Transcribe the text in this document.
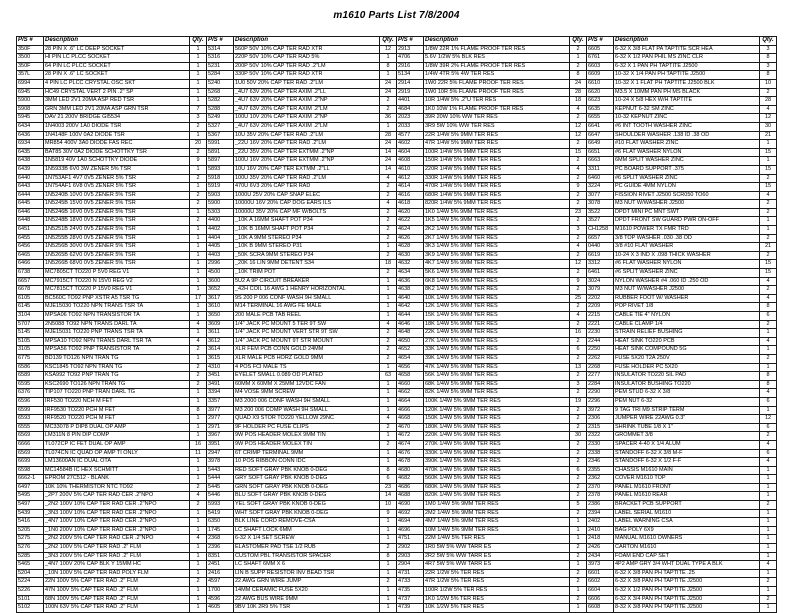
m1610 Parts List 7/8/2004
P/S #	Description	Qty.	P/S #	Description	Qty.	P/S #	Description	Qty.	P/S #	Description	Qty.
350F	28 PIN X .6" LC DEEP SOCKET	1	5314	560P 50V 10% CAP TER RAD XTR	12	2913	1/8W 22R 1% FLAME PROOF TER RES	2	6605	6-32 X 3/8 FLAT PA TAPTITE SCR HEA	3
3500	HI PIN LC PLCC SOCKET	1	5316	220P 50V 10% CAP TER RAD 5%	1	4706	5.6V 1/2W 5% BLK RES	1	6761	6-32 X 1/2 PAN PHIL MS ZINC CLR	8
350F	64 PIN LC PLCC SOCKET	1	5231	200P 50V 10% CAP TER RAD .2"LM	8	2916	1/8W 39R 2% FLAME PROOF TER RES	2	6603	6-32 X 1 PAN PH TAPTITE J2500	3
357L	28 PIN X .6" LC SOCKET	1	5284	330P 50V 10% CAP TER RAD XTR	1	5134	1/4W 4TR 5% 4W TER RES	8	6609	10-32 X 1/4 PAN PH TAPTITE J2500	8
6994	4 PIN LC PLCC CRYSTAL OSC SKT	1	5240	1U0 50V 20% CAP TER RAD .2"LM	24	2914	1W0 22R 5% FLAME PROOF TER RES	24	6610	10-32 X 1 FLAT PH TAPTITE J2500 BLK	10
6945	HC49 CRYSTAL VERT 2 PIN .2" SP	1	5268	_4U7 63V 20% CAP TER AXIM .2"LL	24	2919	1W0 10R 5% FLAME PROOF TER RES	28	6620	M3.5 X 10MM PAN PH MS BLACK	2
5900	3MM LED 2V1 20MA ASP RED TSR	1	5282	_4U7 63V 20% CAP TER AXIM .2"NP	2	4401	10R 1/4W 5% .2"U TER RES	18	6623	10-24 X 5/8 HEX W/H TAPTITE	28
5908	GRN 3MM LED 2V1 20MA ASP GRN TSR	7	5288	_4U7 63V 20% CAP TER AXIM .2"LM	2	4684	1K0 10W 1% FLAME PROOF TER RES	4	6635	KEPNUT 6-32 SM ZINC	4
5945	DAV 21 200V BRIDGE GI5534	3	5249	100U 10V 20% CAP TER AXIM .2"NP	36	2023	39R 20W 10% WW TER RES	2	6655	10-32 KEPNUT ZINC	12
6434	1N4003 200V 1A0 DIODE TSR	2	5327	_4U7 63V 20% CAP TER AXIM .2"LM	1	2033	3R9 5W 10% WW TER RES	12	6641	#6 INT TOOTH WASHER ZINC	30
6436	1N4148F 100V 0A2 DIODE TSR	1	5367	10U 35V 20% CAP TER RAD .2"LM	28	4577	22R 1/4W 5% 9MM TER RES	12	6647	SHOULDER WASHER .138 ID .38 OD	21
6934	MR854 400V 3A0 DIODE FAS REC	20	5991	_22U 16V 20% CAP TER RAD .2"LM	24	4602	47R 1/4W 5% 9MM TER RES	2	6649	#10 FLAT WASHER ZINC	1
6435	BAT85 30V 0A2 DIODE SCHOTTKY TSR	2	5891	_22U 35V 20% CAP TER EXTMM .2"NP	14	4604	100R 1/4W 5% 9MM TER RES	15	6651	#6 FLAT WASHER NYLON	15
6438	1N5819 40V 1A0 SCHOTTKY DIODE	9	5897	100U 16V 20% CAP TER EXTMM .2"NP	24	4608	150R 1/4W 5% 9MM TER RES	2	6663	6MM SPLIT WASHER ZINC	1
6439	1N5933B 6V0 3W ZENER 5% TSR	1	5893	10U 16V 20% CAP TER EXTMM .2"LL	14	4610	220R 1/4W 5% 9MM TER RES	4	3311	PC BOARD SUPPORT .375	15
6440	1N753AF1 4V7 0V5 ZENER 5% TSR	2	5918	100U 35V 20% CAP TER RAD .2"LM	4	4612	330R 1/4W 5% 9MM TER RES	2	6460	#6 SPLIT WASHER ZINC	2
6443	1N754AF1 6V8 0V5 ZENER 5% TSR	1	5919	470U 6V3 20% CAP TER RAD	2	4614	470R 1/4W 5% 9MM TER RES	9	3224	PC GUIDE 4MM NYLON	15
6444	1N5240B 10V0 0V5 ZENER 5% TSR	2	5903	1000U 25V 20% CAP SNAP ELEC	2	4616	680R 1/4W 5% 9MM TER RES	2	3077	FISSION RIVET J2500 SCR050 TO60	4
6445	1N5245B 15V0 0V5 ZENER 5% TSR	2	5900	10000U 16V 20% CAP DOG EARS ILS	4	4618	820R 1/4W 5% 9MM TER RES	2	3078	M3 NUT W/WASHER J2500	2
6446	1N5246B 16V0 0V5 ZENER 5% TSR	1	5303	10000U 35V 20% CAP MF W/BOLTS	2	4620	1K0 1/4W 5% 9MM TER RES	23	3522	DPDT MINI PC MNT SWT	2
6448	1N5248B 18V0 0V5 ZENER 5% TSR	2	4400	_10K A 16MM SHAFT POT P34	2	4622	1K5 1/4W 5% 9MM TER RES	2	3527	DPDT FRONT SW GUARD PWR ON-OFF	1
6451	1N5251B 24V0 0V5 ZENER 5% TSR	1	4402	_10K B 16MM SHAFT POT P34	2	4624	2K2 1/4W 5% 9MM TER RES	3	CH1258	M1610 POWER TX FMR TRD	1
6455	1N5255B 28V0 0V5 ZENER 5% TSR	1	4404	_10K A 9MM STEREO P34	2	4626	2K7 1/4W 5% 9MM TER RES	2	6657	3/8 TOP WASHER .030 .38 OD	2
6456	1N5256B 30V0 0V5 ZENER 5% TSR	1	4405	_10K B 9MM STEREO P31	1	4628	3K3 1/4W 5% 9MM TER RES	4	0440	3/8 #10 FLAT WASHER	21
6465	1N5265B 62V0 0V5 ZENER 5% TSR	1	4403	_50K SCRA 9MM STEREO P34	2	4630	3K9 1/4W 5% 9MM TER RES	2	6619	10-24 X 3 IND X .098 THICK WASHER	2
6466	1N5266B 68V0 0V5 ZENER 5% TSR	1	2996	_20K 16 LIN 9MM DETENT S34	18	4632	4K7 1/4W 5% 9MM TER RES	12	3312	#6 FLAT WASHER NYLON	15
6738	MC7805CT TO220 P 5V0 REG V1	1	4500	_10K TRIM POT	2	4634	5K6 1/4W 5% 9MM TER RES	2	6461	#6 SPLIT WASHER ZINC	15
6657	MC7915CT TO220 N 15V0 REG V2	1	3600	5U2 A 9P CIRCUIT BREAKER	1	4636	6K8 1/4W 5% 9MM TER RES	9	3024	NYLON WASHER #4 .060 ID .250 OD	4
6678	MC7815CT TO220 P 15V0 REG V1	1	3652	_42H COIL 16 AWG 1 HENRY HORIZONTAL	1	4638	8K2 1/4W 5% 9MM TER RES	2	3079	M3 NUT W/WASHER J2500	2
6105	BC560C TO92 PNP XSTR A5 TSR TG	17	3617	9S 200 P 006 CONF WASH 9H SMALL	1	4640	10K 1/4W 5% 9MM TER RES	25	2202	RUBBER FOOT W/ WASHER	4
6145	MJE15030 TO220 NPN TRANS TSR TA	1	3610	M14 TERMINAL 16 AWG FE MALE	1	4642	12K 1/4W 5% 9MM TER RES	2	2209	POP RIVET 1/8	8
3104	MPSA06 TO92 NPN TRANSISTOR TA	1	3650	200 MALE PCB TAB REEL	1	4644	15K 1/4W 5% 9MM TER RES	4	2215	CABLE TIE 4" NYLON	6
5707	2N5088 TO92 NPN TRANS DARL TA	4	3609	1/4" JACK PC MOUNT 5 TER 9T SW	4	4646	18K 1/4W 5% 9MM TER RES	2	2221	CABLE CLAMP 1/4	2
5145	MJE15031 TO220 PNP TRANS TSR TA	1	3611	1/4" JACK PC MOUNT VERT STR 9T SW	2	4648	22K 1/4W 5% 9MM TER RES	16	2230	STRAIN RELIEF BUSHING	1
5105	MPSA10 TO92 NPN TRANS DARL TSR TA	4	3612	1/4" JACK PC MOUNT 9T STR MOUNT	2	4650	27K 1/4W 5% 9MM TER RES	2	2244	HEAT SINK TO220 PCB	4
3105	MPSA56 TO92 PNP TRANSISTOR TA	2	3614	XLR FEM PCB CONN GOLD 24MM	2	4652	33K 1/4W 5% 9MM TER RES	6	2250	HEAT SINK COMPOUND 5G	1
6775	BD139 TO126 NPN TRAN TG	1	3615	XLR MALE PCB HORZ GOLD 9MM	2	4654	39K 1/4W 5% 9MM TER RES	2	2262	FUSE 5X20 T2A 250V	2
6586	KSC1845 TO92 NPN TRAN TG	2	4310	4 POS FCI MALE TS	1	4656	47K 1/4W 5% 9MM TER RES	13	2268	FUSE HOLDER PC 5X20	1
6589	KSA992 TO92 PNP TRAN TG	2	3451	EYELET SMALL 0.089 OD PLATED	63	4658	56K 1/4W 5% 9MM TER RES	2	2277	INSULATOR TO220 SIL PAD	8
6595	KSC2690 TO126 NPN TRAN TG	2	3491	60MM X 60MM X 25MM 12VDC FAN	1	4660	68K 1/4W 5% 9MM TER RES	3	2284	INSULATOR BUSHING TO220	8
6376	TIP107 TO220 PNP TRAN DARL TG	1	3394	M4 VOSE 9MM SCREW	1	4662	82K 1/4W 5% 9MM TER RES	2	2290	PEM STUD 6-32 X 3/8	4
6596	IRF530 TO220 NCH M FET	1	3357	M3 2000 006 CONF WASH 9H SMALL	1	4664	100K 1/4W 5% 9MM TER RES	19	2296	PEM NUT 6-32	6
6599	IRF9530 TO220 PCH M FET	8	3977	M3 200 006 COMP WASH 9H SMALL	1	4666	120K 1/4W 5% 9MM TER RES	2	3972	9 TAG TRI M9 STRIP TERM	1
6593	IRF9520 TO220 PCH M FET	1	2977	QUAD X9 STOR TO220 YELLOW 29NC	4	4668	150K 1/4W 5% 9MM TER RES	2	2306	JUMPER WIRE 22AWG 0.3"	12
6555	MC33078 P DIP8 DUAL OP AMP	1	2971	9F HOLDER PC FUSE CLIPS	2	4670	180K 1/4W 5% 9MM TER RES	2	2315	SHRINK TUBE 1/8 X 1"	6
6569	LM311N 8 PIN DIP COMP	1	3967	9W POS HEADER MOLEX 9MM TIN	1	4672	220K 1/4W 5% 9MM TER RES	30	2322	GROMMET 3/8	2
6666	TL072CP IC FET DUAL OP AMP	16	3951	9W POS HEADER MOLEX TIN	2	4674	270K 1/4W 5% 9MM TER RES	2	2330	SPACER 4-40 X 1/4 ALUM	4
6569	TL074CN IC QUAD OP AMP TI ONLY	11	2947	6T CRIMP TERMINAL 9MM	1	4676	330K 1/4W 5% 9MM TER RES	2	2338	STANDOFF 6-32 X 3/8 M-F	6
6699	LM13600AN IC DUAL OTA	1	3978	10 POS RIBBON CONN IDC	1	4678	390K 1/4W 5% 9MM TER RES	2	2346	STANDOFF 6-32 X 1/2 F-F	4
6598	MC14584B IC HEX SCHMITT	1	5443	RED SOFT GRAY PBK KNOB 0-DEG	8	4680	470K 1/4W 5% 9MM TER RES	6	2355	CHASSIS M1610 MAIN	1
6662-1	EPROM 27C512 - BLANK	1	5444	GRY SOFT GRAY PBK KNOB 0-DEG	6	4682	560K 1/4W 5% 9MM TER RES	2	2362	COVER M1610 TOP	1
6497	10K 10% THERMISTOR NTC TO92	2	5445	GRN SOFT GRAY PBK KNOB 0-DEG	23	4686	680K 1/4W 5% 9MM TER RES	2	2370	PANEL M1610 FRONT	1
5495	_2P7 200V 5% CAP TER RAD CER .2"NPO	4	5446	BLU SOFT GRAY PBK KNOB 0-DEG	14	4688	820K 1/4W 5% 9MM TER RES	2	2378	PANEL M1610 REAR	1
5497	_2N2 100V 10% CAP TER RAD CER .2"NPO	2	5993	YEL SOFT GRAY PBK KNOB 0-DEG	10	4690	1M0 1/4W 5% 9MM TER RES	5	2386	BRACKET PCB SUPPORT	2
5439	_3N3 100V 10% CAP TER RAD CER .2"NPO	1	5419	WHT SOFT GRAY PBK KNOB 0-DEG	9	4692	2M2 1/4W 5% 9MM TER RES	2	2394	LABEL SERIAL M1610	1
5416	_4N7 100V 10% CAP TER RAD CER .2"NPO	1	6350	BLK LINE CORD REMOVE-CSA	1	4694	4M7 1/4W 5% 9MM TER RES	1	2402	LABEL WARNING CSA	1
5205	_1N0 200V 10% CAP TER RAD CER .2"NPO	1	1745	LC SHAFT LOCK 6MM	1	4696	10M 1/4W 5% 9MM TER RES	1	2410	BAG POLY 6X9	1
5275	_2N2 200V 5% CAP TER RAD CER .2"NPO	4	2368	6-32 X 1/4 SET SCREW	1	4751	22M 1/4W 5% TER RES	1	2418	MANUAL M1610 OWNERS	1
5276	_2N2 100V 5% CAP TER RAD .2" FLM	1	2396	ELASTOMER PAD TSE 1/2 RUB	2	2902	1R0 5W 5% WW TARR ES	2	2426	CARTON M1610	1
5285	_3N3 200V 5% CAP TER RAD .2" FLM	1	8351	CUSTOM PBL TRANSISTOR SPACER	8	2903	2R2 5W 5% WW TARR ES	2	2434	FOAM END CAP SET	1
5465	_4N7 100V 20% CAP BLK Y 15MM HC	1	2451	LC SHAFT 6MM X 6	1	2904	4R7 5W 5% WW TARR ES	1	3973	4P2 AMP GRY 3/4 WHT DUAL TYPE A BLK	4
5204	_10N 100V 5% CAP TER RAD POLY FLM	1	2416	LIN B SUPP RESISTOR INV BEAD TSR	1	4731	22R 1/2W 5% TER RES	2	6601	6-32 X 3/8 PAN PH TAPTITE .25	1
5224	22N 100V 5% CAP TER RAD .2" FLM	2	4597	22 AWG GRN WIRE JUMP	2	4733	47R 1/2W 5% TER RES	2	6602	6-32 X 3/8 PAN PH TAPTITE J2500	2
5226	47N 100V 5% CAP TER RAD .2" FLM	1	1700	14MM CERAMIC FUSE 5X20	1	4735	100R 1/2W 5% TER RES	1	6604	6-32 X 1/2 PAN PH TAPTITE J2500	1
5101	68N 100V 5% CAP TER RAD .2" FLM	1	4596	22 AWG BUS WIRE 9MM	1	4737	1K0 1/2W 5% TER RES	2	6606	6-32 X 3/4 PAN PH TAPTITE J2500	2
5102	100N 63V 5% CAP TER RAD .2" FLM	1	4605	9BV 10K 2R9 5% TSR	1	4739	10K 1/2W 5% TER RES	1	6608	8-32 X 3/8 PAN PH TAPTITE J2500	1
